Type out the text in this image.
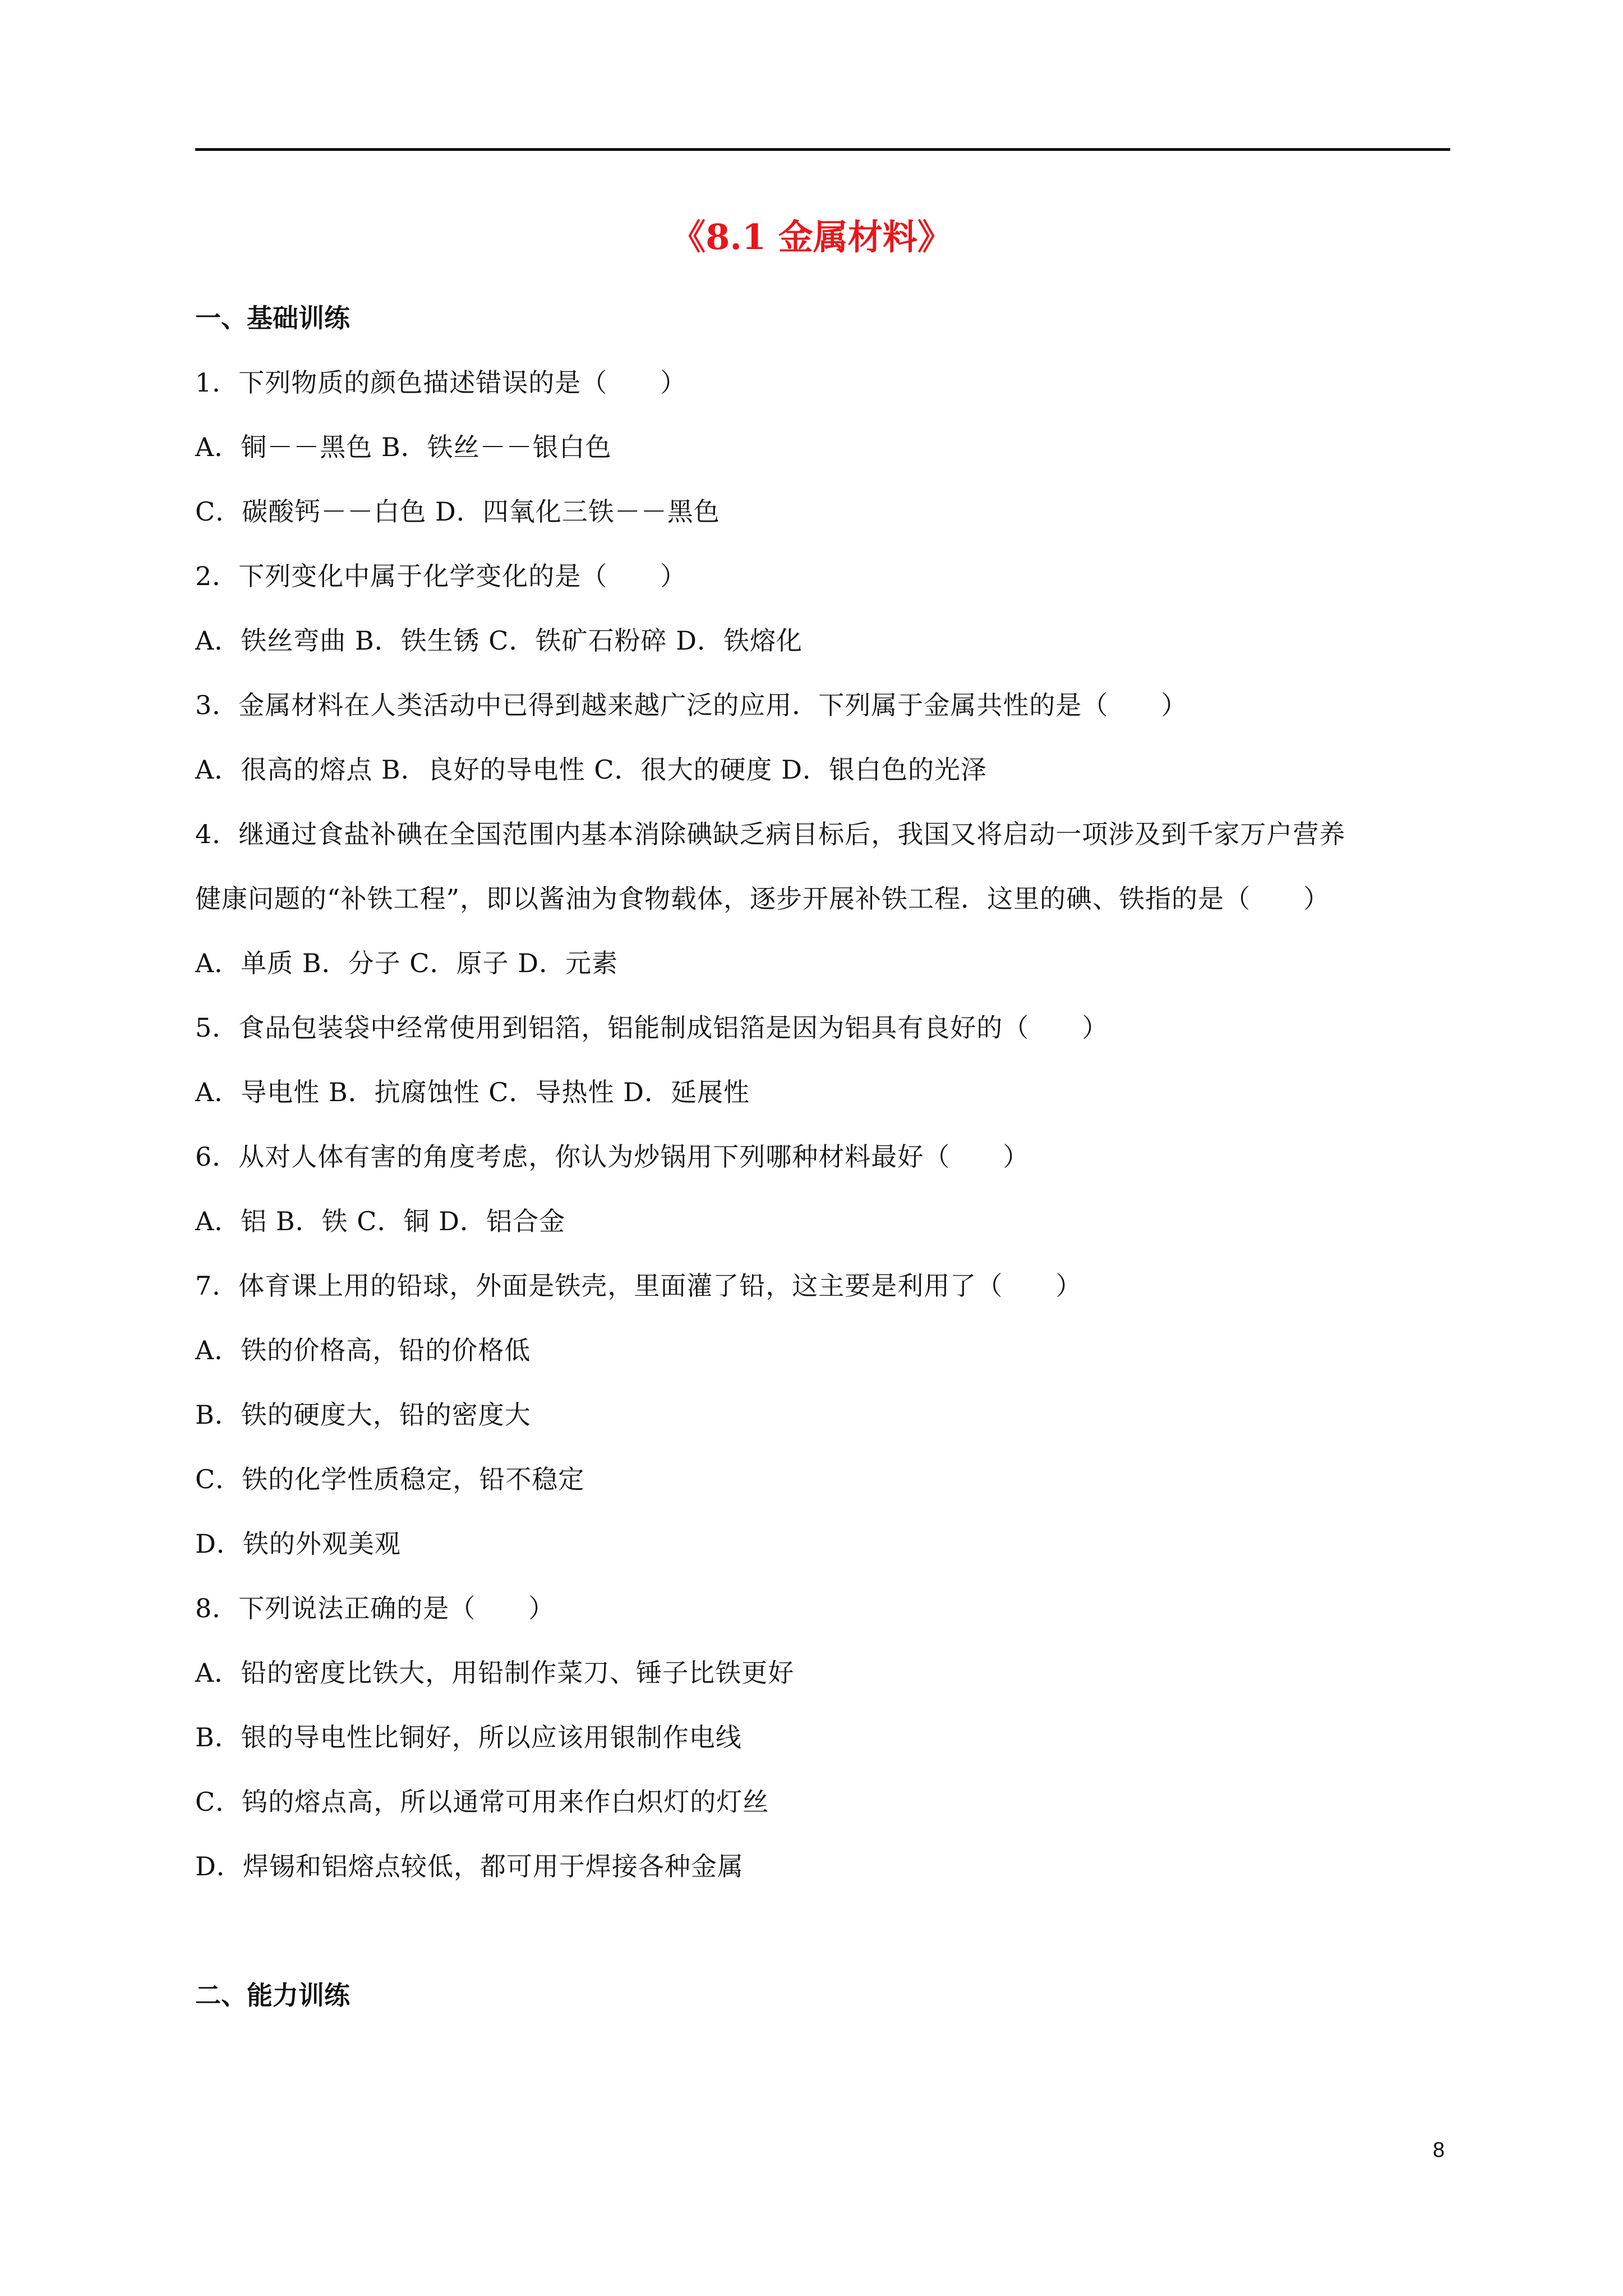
《8.1 金属材料》
一、基础训练
1．下列物质的颜色描述错误的是（　　）
A．铜－－黑色 B．铁丝－－银白色
C．碳酸钙－－白色 D．四氧化三铁－－黑色
2．下列变化中属于化学变化的是（　　）
A．铁丝弯曲 B．铁生锈 C．铁矿石粉碎 D．铁熔化
3．金属材料在人类活动中已得到越来越广泛的应用．下列属于金属共性的是（　　）
A．很高的熔点 B．良好的导电性 C．很大的硬度 D．银白色的光泽
4．继通过食盐补碘在全国范围内基本消除碘缺乏病目标后，我国又将启动一项涉及到千家万户营养
健康问题的“补铁工程”，即以酱油为食物载体，逐步开展补铁工程．这里的碘、铁指的是（　　）
A．单质 B．分子 C．原子 D．元素
5．食品包装袋中经常使用到铝箔，铝能制成铝箔是因为铝具有良好的（　　）
A．导电性 B．抗腐蚀性 C．导热性 D．延展性
6．从对人体有害的角度考虑，你认为炒锅用下列哪种材料最好（　　）
A．铝 B．铁 C．铜 D．铝合金
7．体育课上用的铅球，外面是铁壳，里面灌了铅，这主要是利用了（　　）
A．铁的价格高，铅的价格低
B．铁的硬度大，铅的密度大
C．铁的化学性质稳定，铅不稳定
D．铁的外观美观
8．下列说法正确的是（　　）
A．铅的密度比铁大，用铅制作菜刀、锤子比铁更好
B．银的导电性比铜好，所以应该用银制作电线
C．钨的熔点高，所以通常可用来作白炽灯的灯丝
D．焊锡和铝熔点较低，都可用于焊接各种金属
二、能力训练
8
